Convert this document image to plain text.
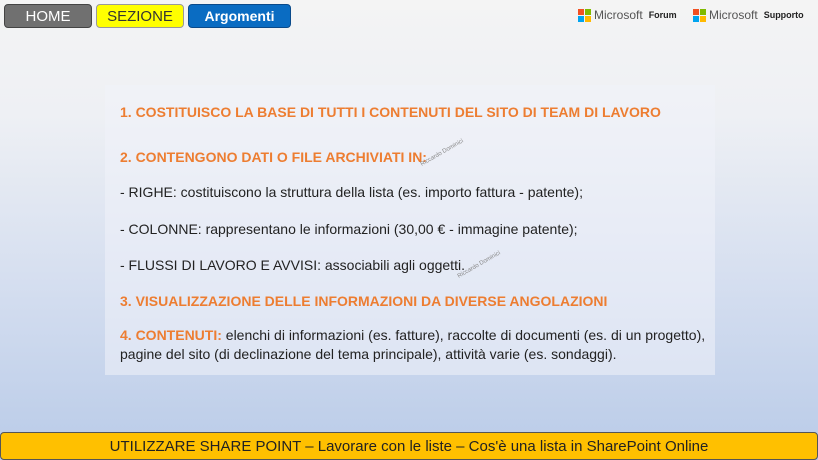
HOME	SEZIONE	Argomenti	Microsoft Forum	Microsoft Supporto
1. COSTITUISCO LA BASE DI TUTTI I CONTENUTI DEL SITO DI TEAM DI LAVORO
2. CONTENGONO DATI O FILE ARCHIVIATI IN:
- RIGHE: costituiscono la struttura della lista (es. importo fattura - patente);
- COLONNE: rappresentano le informazioni (30,00 € - immagine patente);
- FLUSSI DI LAVORO E AVVISI: associabili agli oggetti.
3. VISUALIZZAZIONE DELLE INFORMAZIONI DA DIVERSE ANGOLAZIONI
4. CONTENUTI: elenchi di informazioni (es. fatture), raccolte di documenti (es. di un progetto),
pagine del sito (di declinazione del tema principale), attività varie (es. sondaggi).
Riccardo Dominici
Riccardo Dominici
UTILIZZARE SHARE POINT – Lavorare con le liste – Cos'è una lista in SharePoint Online
